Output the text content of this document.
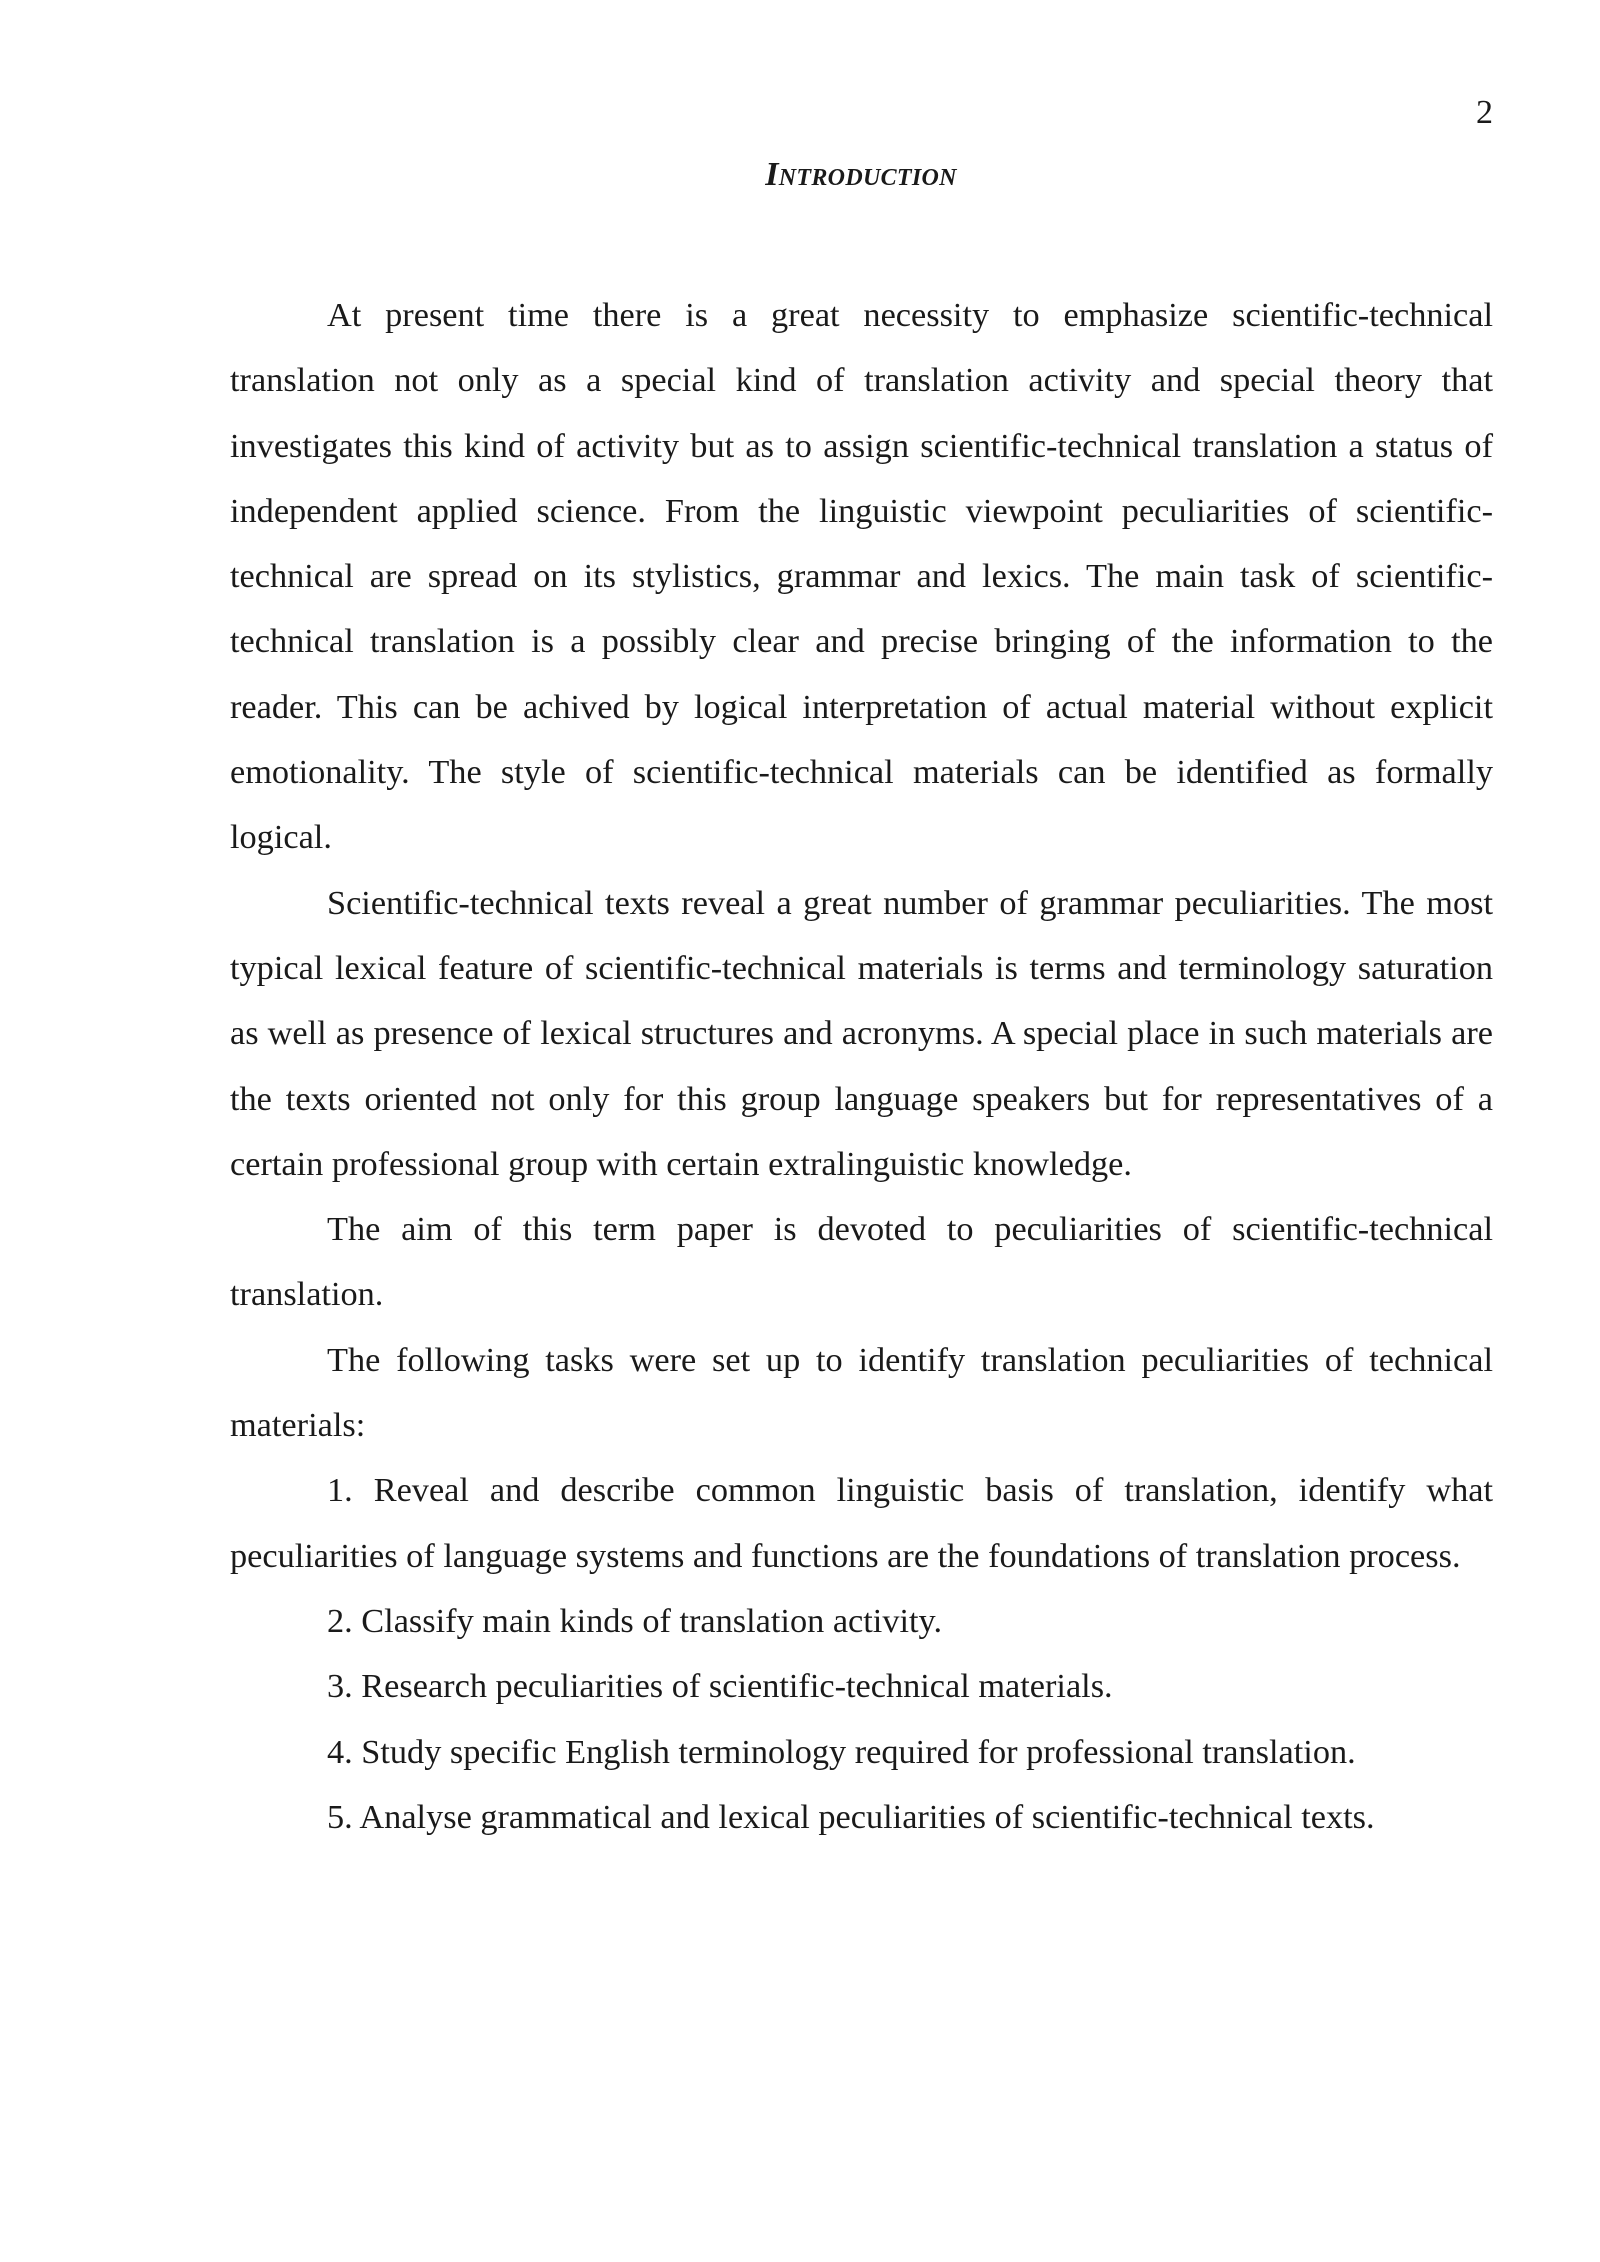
2
Introduction

At present time there is a great necessity to emphasize scientific-technical translation not only as a special kind of translation activity and special theory that investigates this kind of activity but as to assign scientific-technical translation a status of independent applied science. From the linguistic viewpoint peculiarities of scientific-technical are spread on its stylistics, grammar and lexics. The main task of scientific-technical translation is a possibly clear and precise bringing of the information to the reader. This can be achived by logical interpretation of actual material without explicit emotionality. The style of scientific-technical materials can be identified as formally logical.

Scientific-technical texts reveal a great number of grammar peculiarities. The most typical lexical feature of scientific-technical materials is terms and terminology saturation as well as presence of lexical structures and acronyms. A special place in such materials are the texts oriented not only for this group language speakers but for representatives of a certain professional group with certain extralinguistic knowledge.

The aim of this term paper is devoted to peculiarities of scientific-technical translation.

The following tasks were set up to identify translation peculiarities of technical materials:

1. Reveal and describe common linguistic basis of translation, identify what peculiarities of language systems and functions are the foundations of translation process.

2. Classify main kinds of translation activity.

3. Research peculiarities of scientific-technical materials.

4. Study specific English terminology required for professional translation.

5. Analyse grammatical and lexical peculiarities of scientific-technical texts.
